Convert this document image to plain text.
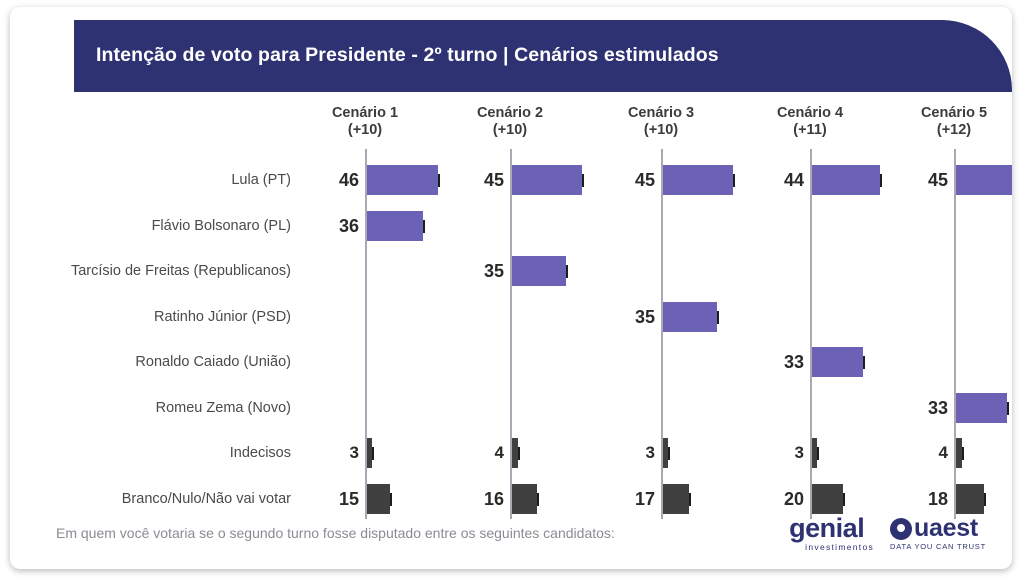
Intenção de voto para Presidente - 2º turno | Cenários estimulados
Cenário 1
(+10)
Cenário 2
(+10)
Cenário 3
(+10)
Cenário 4
(+11)
Cenário 5
(+12)
Lula (PT)
Flávio Bolsonaro (PL)
Tarcísio de Freitas (Republicanos)
Ratinho Júnior (PSD)
Ronaldo Caiado (União)
Romeu Zema (Novo)
Indecisos
Branco/Nulo/Não vai votar
46
36
3
15
45
35
4
16
45
35
3
17
44
33
3
20
45
33
4
18
Em quem você votaria se o segundo turno fosse disputado entre os seguintes candidatos:	genial
investimentos
uaest
DATA YOU CAN TRUST
